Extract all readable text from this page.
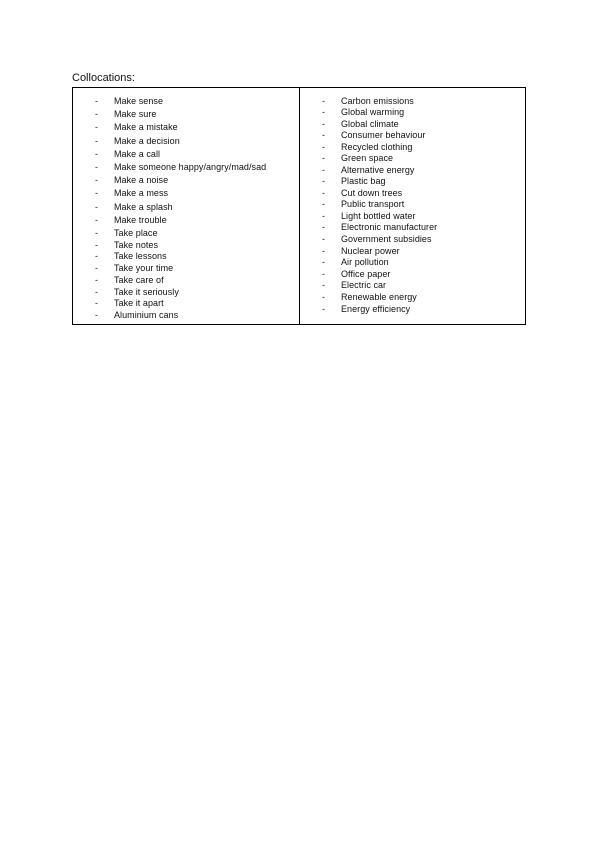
Collocations:
- Make sense
- Make sure
- Make a mistake
- Make a decision
- Make a call
- Make someone happy/angry/mad/sad
- Make a noise
- Make a mess
- Make a splash
- Make trouble
- Take place
- Take notes
- Take lessons
- Take your time
- Take care of
- Take it seriously
- Take it apart
- Aluminium cans
- Carbon emissions
- Global warming
- Global climate
- Consumer behaviour
- Recycled clothing
- Green space
- Alternative energy
- Plastic bag
- Cut down trees
- Public transport
- Light bottled water
- Electronic manufacturer
- Government subsidies
- Nuclear power
- Air pollution
- Office paper
- Electric car
- Renewable energy
- Energy efficiency
